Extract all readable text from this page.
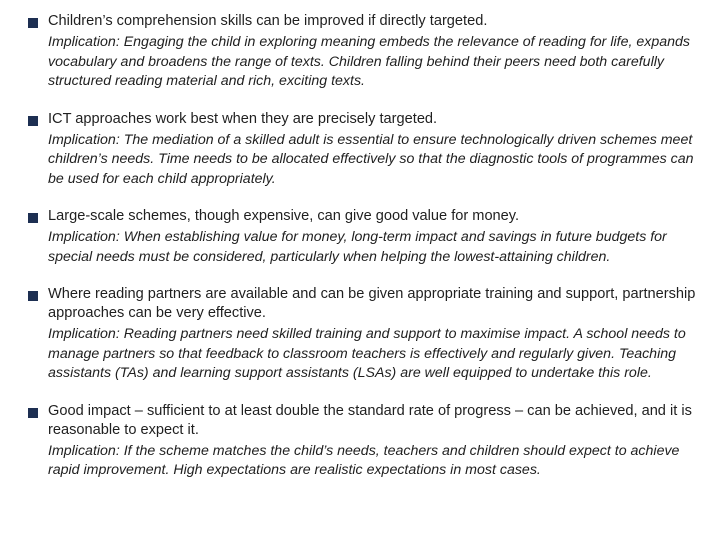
Children’s comprehension skills can be improved if directly targeted.

Implication: Engaging the child in exploring meaning embeds the relevance of reading for life, expands vocabulary and broadens the range of texts. Children falling behind their peers need both carefully structured reading material and rich, exciting texts.

ICT approaches work best when they are precisely targeted.

Implication: The mediation of a skilled adult is essential to ensure technologically driven schemes meet children’s needs. Time needs to be allocated effectively so that the diagnostic tools of programmes can be used for each child appropriately.

Large-scale schemes, though expensive, can give good value for money.

Implication: When establishing value for money, long-term impact and savings in future budgets for special needs must be considered, particularly when helping the lowest-attaining children.

Where reading partners are available and can be given appropriate training and support, partnership approaches can be very effective.

Implication: Reading partners need skilled training and support to maximise impact. A school needs to manage partners so that feedback to classroom teachers is effectively and regularly given. Teaching assistants (TAs) and learning support assistants (LSAs) are well equipped to undertake this role.

Good impact – sufficient to at least double the standard rate of progress – can be achieved, and it is reasonable to expect it.

Implication: If the scheme matches the child’s needs, teachers and children should expect to achieve rapid improvement. High expectations are realistic expectations in most cases.
